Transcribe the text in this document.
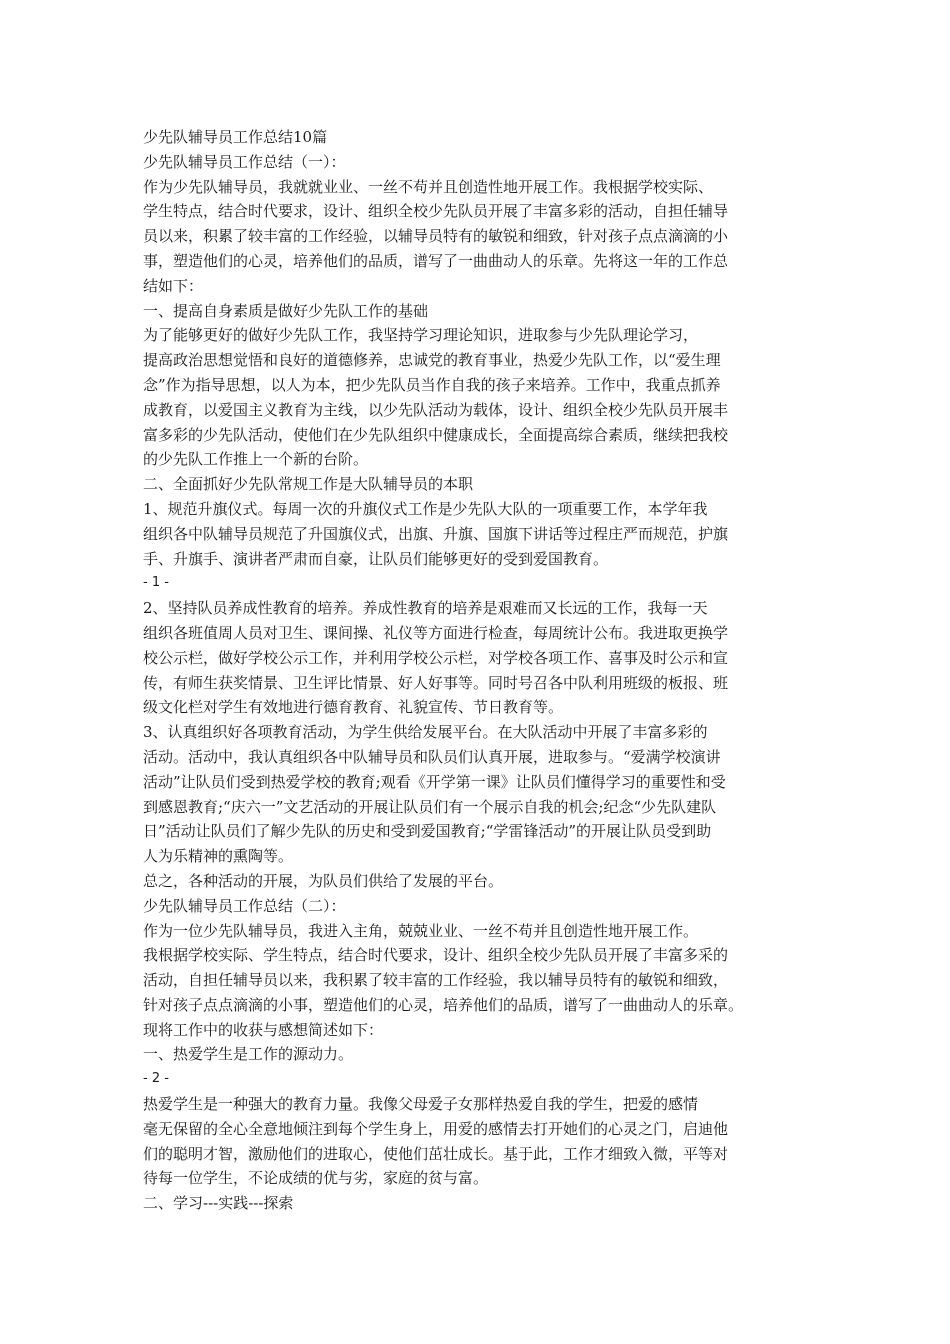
少先队辅导员工作总结10篇
少先队辅导员工作总结（一）：
作为少先队辅导员，我就就业业、一丝不苟并且创造性地开展工作。我根据学校实际、
学生特点，结合时代要求，设计、组织全校少先队员开展了丰富多彩的活动，自担任辅导
员以来，积累了较丰富的工作经验，以辅导员特有的敏锐和细致，针对孩子点点滴滴的小
事，塑造他们的心灵，培养他们的品质，谱写了一曲曲动人的乐章。先将这一年的工作总
结如下：
一、提高自身素质是做好少先队工作的基础
为了能够更好的做好少先队工作，我坚持学习理论知识，进取参与少先队理论学习，
提高政治思想觉悟和良好的道德修养，忠诚党的教育事业，热爱少先队工作，以“爱生理
念”作为指导思想，以人为本，把少先队员当作自我的孩子来培养。工作中，我重点抓养
成教育，以爱国主义教育为主线，以少先队活动为载体，设计、组织全校少先队员开展丰
富多彩的少先队活动，使他们在少先队组织中健康成长，全面提高综合素质，继续把我校
的少先队工作推上一个新的台阶。
二、全面抓好少先队常规工作是大队辅导员的本职
1、规范升旗仪式。每周一次的升旗仪式工作是少先队大队的一项重要工作，本学年我
组织各中队辅导员规范了升国旗仪式，出旗、升旗、国旗下讲话等过程庄严而规范，护旗
手、升旗手、演讲者严肃而自豪，让队员们能够更好的受到爱国教育。
- 1 -
2、坚持队员养成性教育的培养。养成性教育的培养是艰难而又长远的工作，我每一天
组织各班值周人员对卫生、课间操、礼仪等方面进行检查，每周统计公布。我进取更换学
校公示栏，做好学校公示工作，并利用学校公示栏，对学校各项工作、喜事及时公示和宣
传，有师生获奖情景、卫生评比情景、好人好事等。同时号召各中队利用班级的板报、班
级文化栏对学生有效地进行德育教育、礼貌宣传、节日教育等。
3、认真组织好各项教育活动，为学生供给发展平台。在大队活动中开展了丰富多彩的
活动。活动中，我认真组织各中队辅导员和队员们认真开展，进取参与。“爱满学校演讲
活动”让队员们受到热爱学校的教育;观看《开学第一课》让队员们懂得学习的重要性和受
到感恩教育;“庆六一”文艺活动的开展让队员们有一个展示自我的机会;纪念“少先队建队
日”活动让队员们了解少先队的历史和受到爱国教育;“学雷锋活动”的开展让队员受到助
人为乐精神的熏陶等。
总之，各种活动的开展，为队员们供给了发展的平台。
少先队辅导员工作总结（二）：
作为一位少先队辅导员，我进入主角，兢兢业业、一丝不苟并且创造性地开展工作。
我根据学校实际、学生特点，结合时代要求，设计、组织全校少先队员开展了丰富多采的
活动，自担任辅导员以来，我积累了较丰富的工作经验，我以辅导员特有的敏锐和细致，
针对孩子点点滴滴的小事，塑造他们的心灵，培养他们的品质，谱写了一曲曲动人的乐章。
现将工作中的收获与感想简述如下：
一、热爱学生是工作的源动力。
- 2 -
热爱学生是一种强大的教育力量。我像父母爱子女那样热爱自我的学生，把爱的感情
毫无保留的全心全意地倾注到每个学生身上，用爱的感情去打开她们的心灵之门，启迪他
们的聪明才智，激励他们的进取心，使他们茁壮成长。基于此，工作才细致入微，平等对
待每一位学生，不论成绩的优与劣，家庭的贫与富。
二、学习---实践---探索
